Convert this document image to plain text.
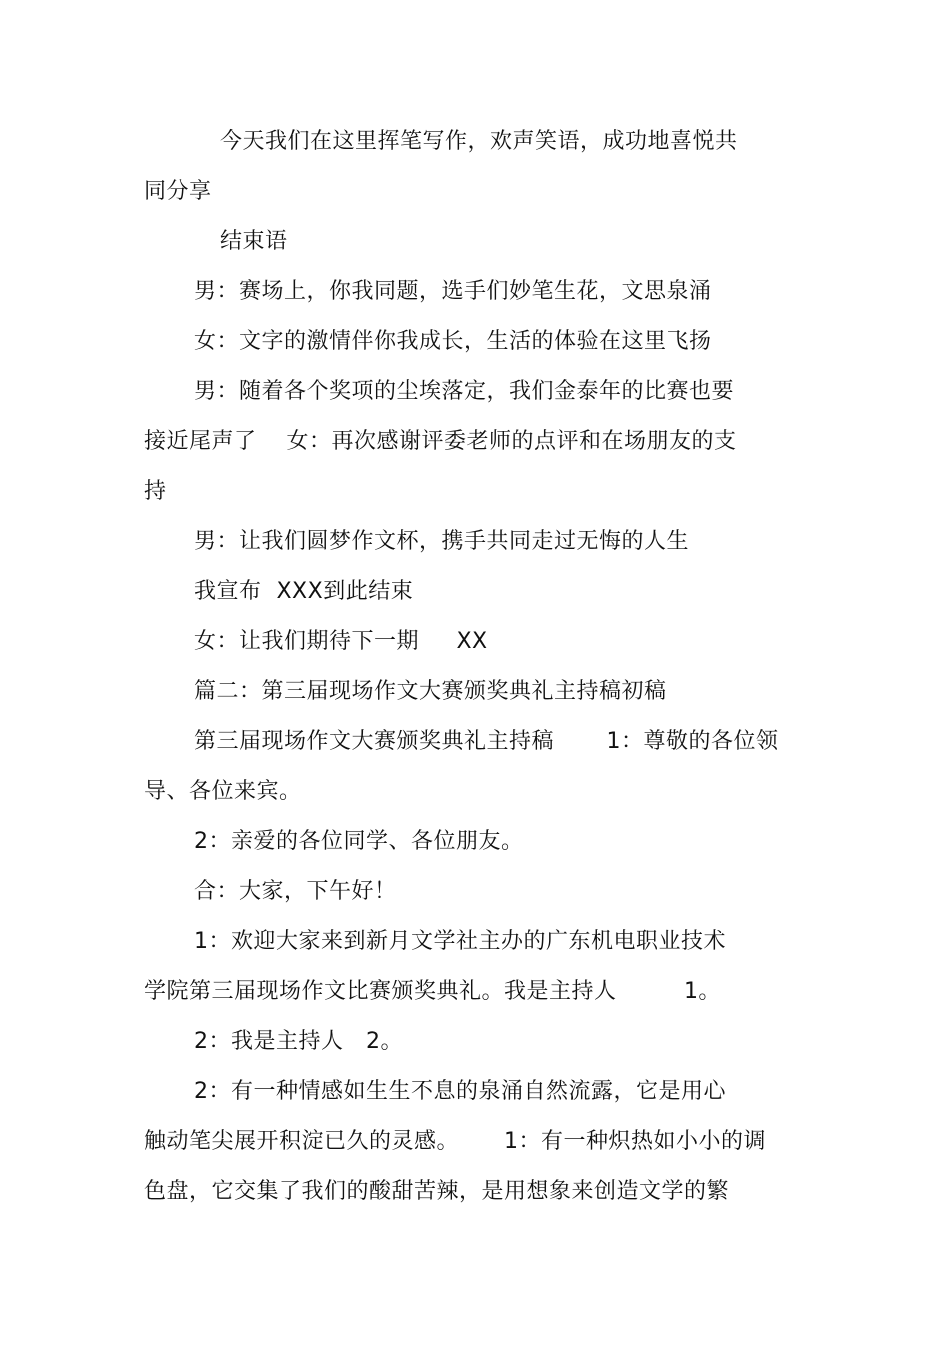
今天我们在这里挥笔写作，欢声笑语，成功地喜悦共
同分享
结束语
男：赛场上，你我同题，选手们妙笔生花，文思泉涌
女：文字的激情伴你我成长，生活的体验在这里飞扬
男：随着各个奖项的尘埃落定，我们金泰年的比赛也要
接近尾声了    女：再次感谢评委老师的点评和在场朋友的支
持
男：让我们圆梦作文杯，携手共同走过无悔的人生
我宣布  XXX到此结束
女：让我们期待下一期     XX
篇二：第三届现场作文大赛颁奖典礼主持稿初稿
第三届现场作文大赛颁奖典礼主持稿       1：尊敬的各位领
导、各位来宾。
2：亲爱的各位同学、各位朋友。
合：大家，下午好！
1：欢迎大家来到新月文学社主办的广东机电职业技术
学院第三届现场作文比赛颁奖典礼。我是主持人         1。
2：我是主持人   2。
2：有一种情感如生生不息的泉涌自然流露，它是用心
触动笔尖展开积淀已久的灵感。      1：有一种炽热如小小的调
色盘，它交集了我们的酸甜苦辣，是用想象来创造文学的繁
